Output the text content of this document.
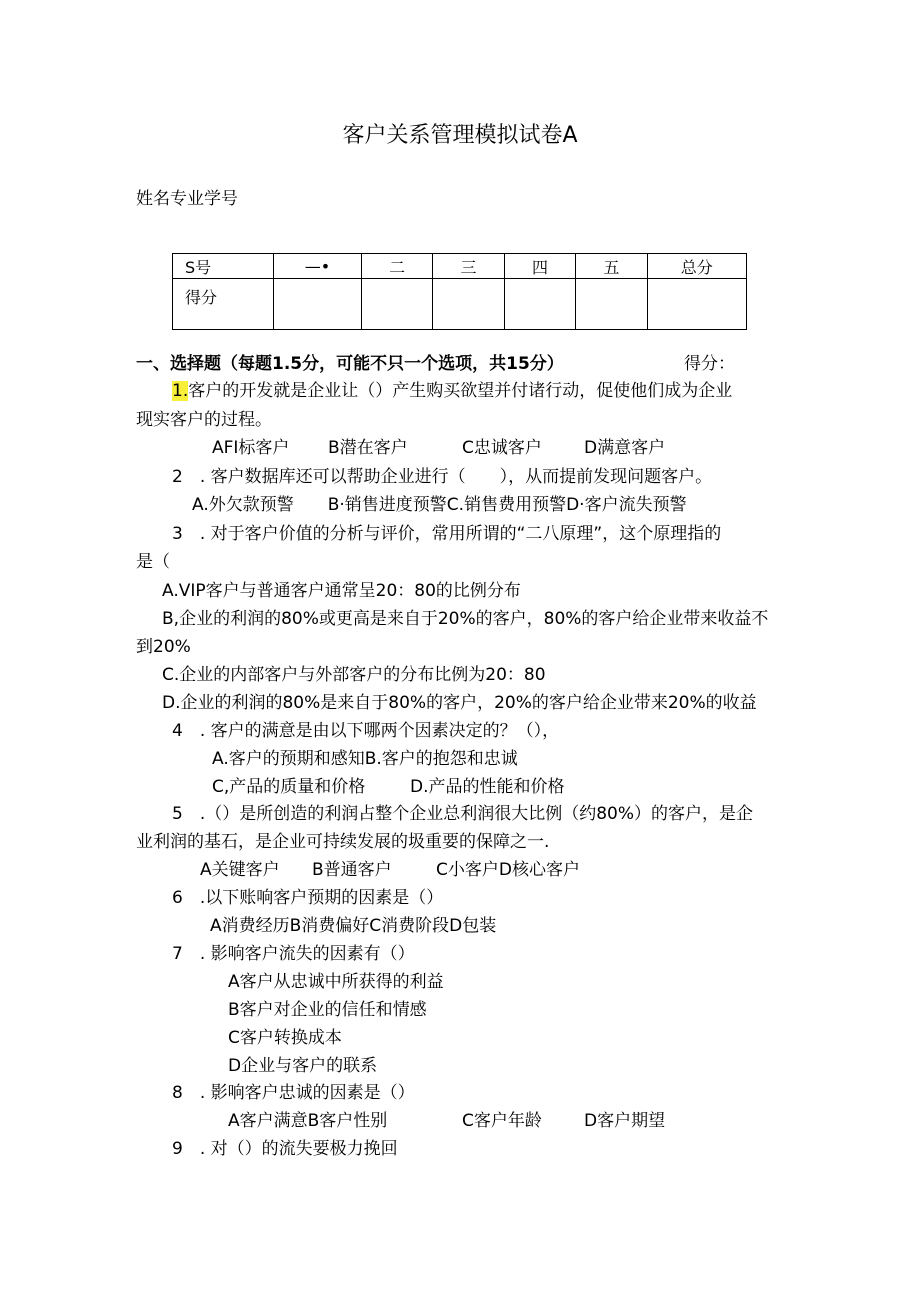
客户关系管理模拟试卷A
姓名专业学号
S号	—•	二	三	四	五	总分
得分						
一、选择题（每题1.5分，可能不只一个选项，共15分）	得分：
1.客户的开发就是企业让（）产生购买欲望并付诸行动，促使他们成为企业
现实客户的过程。
AFI标客户 B潜在客户	C忠诚客户 D满意客户
2　. 客户数据库还可以帮助企业进行（　　），从而提前发现问题客户。
A.外欠款预警　　B·销售进度预警C.销售费用预警D·客户流失预警
3　. 对于客户价值的分析与评价，常用所谓的“二八原理”，这个原理指的
是（
A.VIP客户与普通客户通常呈20：80的比例分布
B,企业的利润的80%或更高是来自于20%的客户，80%的客户给企业带来收益不
到20%
C.企业的内部客户与外部客户的分布比例为20：80
D.企业的利润的80%是来自于80%的客户，20%的客户给企业带来20%的收益
4　. 客户的满意是由以下哪两个因素决定的？（），
A.客户的预期和感知B.客户的抱怨和忠诚
C,产品的质量和价格	D.产品的性能和价格
5　.（）是所创造的利润占整个企业总利润很大比例（约80%）的客户，是企
业利润的基石，是企业可持续发展的圾重要的保障之一.
A关键客户 B普通客户	C小客户D核心客户
6　.以下账响客户预期的因素是（）
A消费经历B消费偏好C消费阶段D包装
7　. 影响客户流失的因素有（）
A客户从忠诚中所获得的利益
B客户对企业的信任和情感
C客户转换成本
D企业与客户的联系
8　. 影响客户忠诚的因素是（）
A客户满意B客户性别	C客户年龄 D客户期望
9　. 对（）的流失要极力挽回
